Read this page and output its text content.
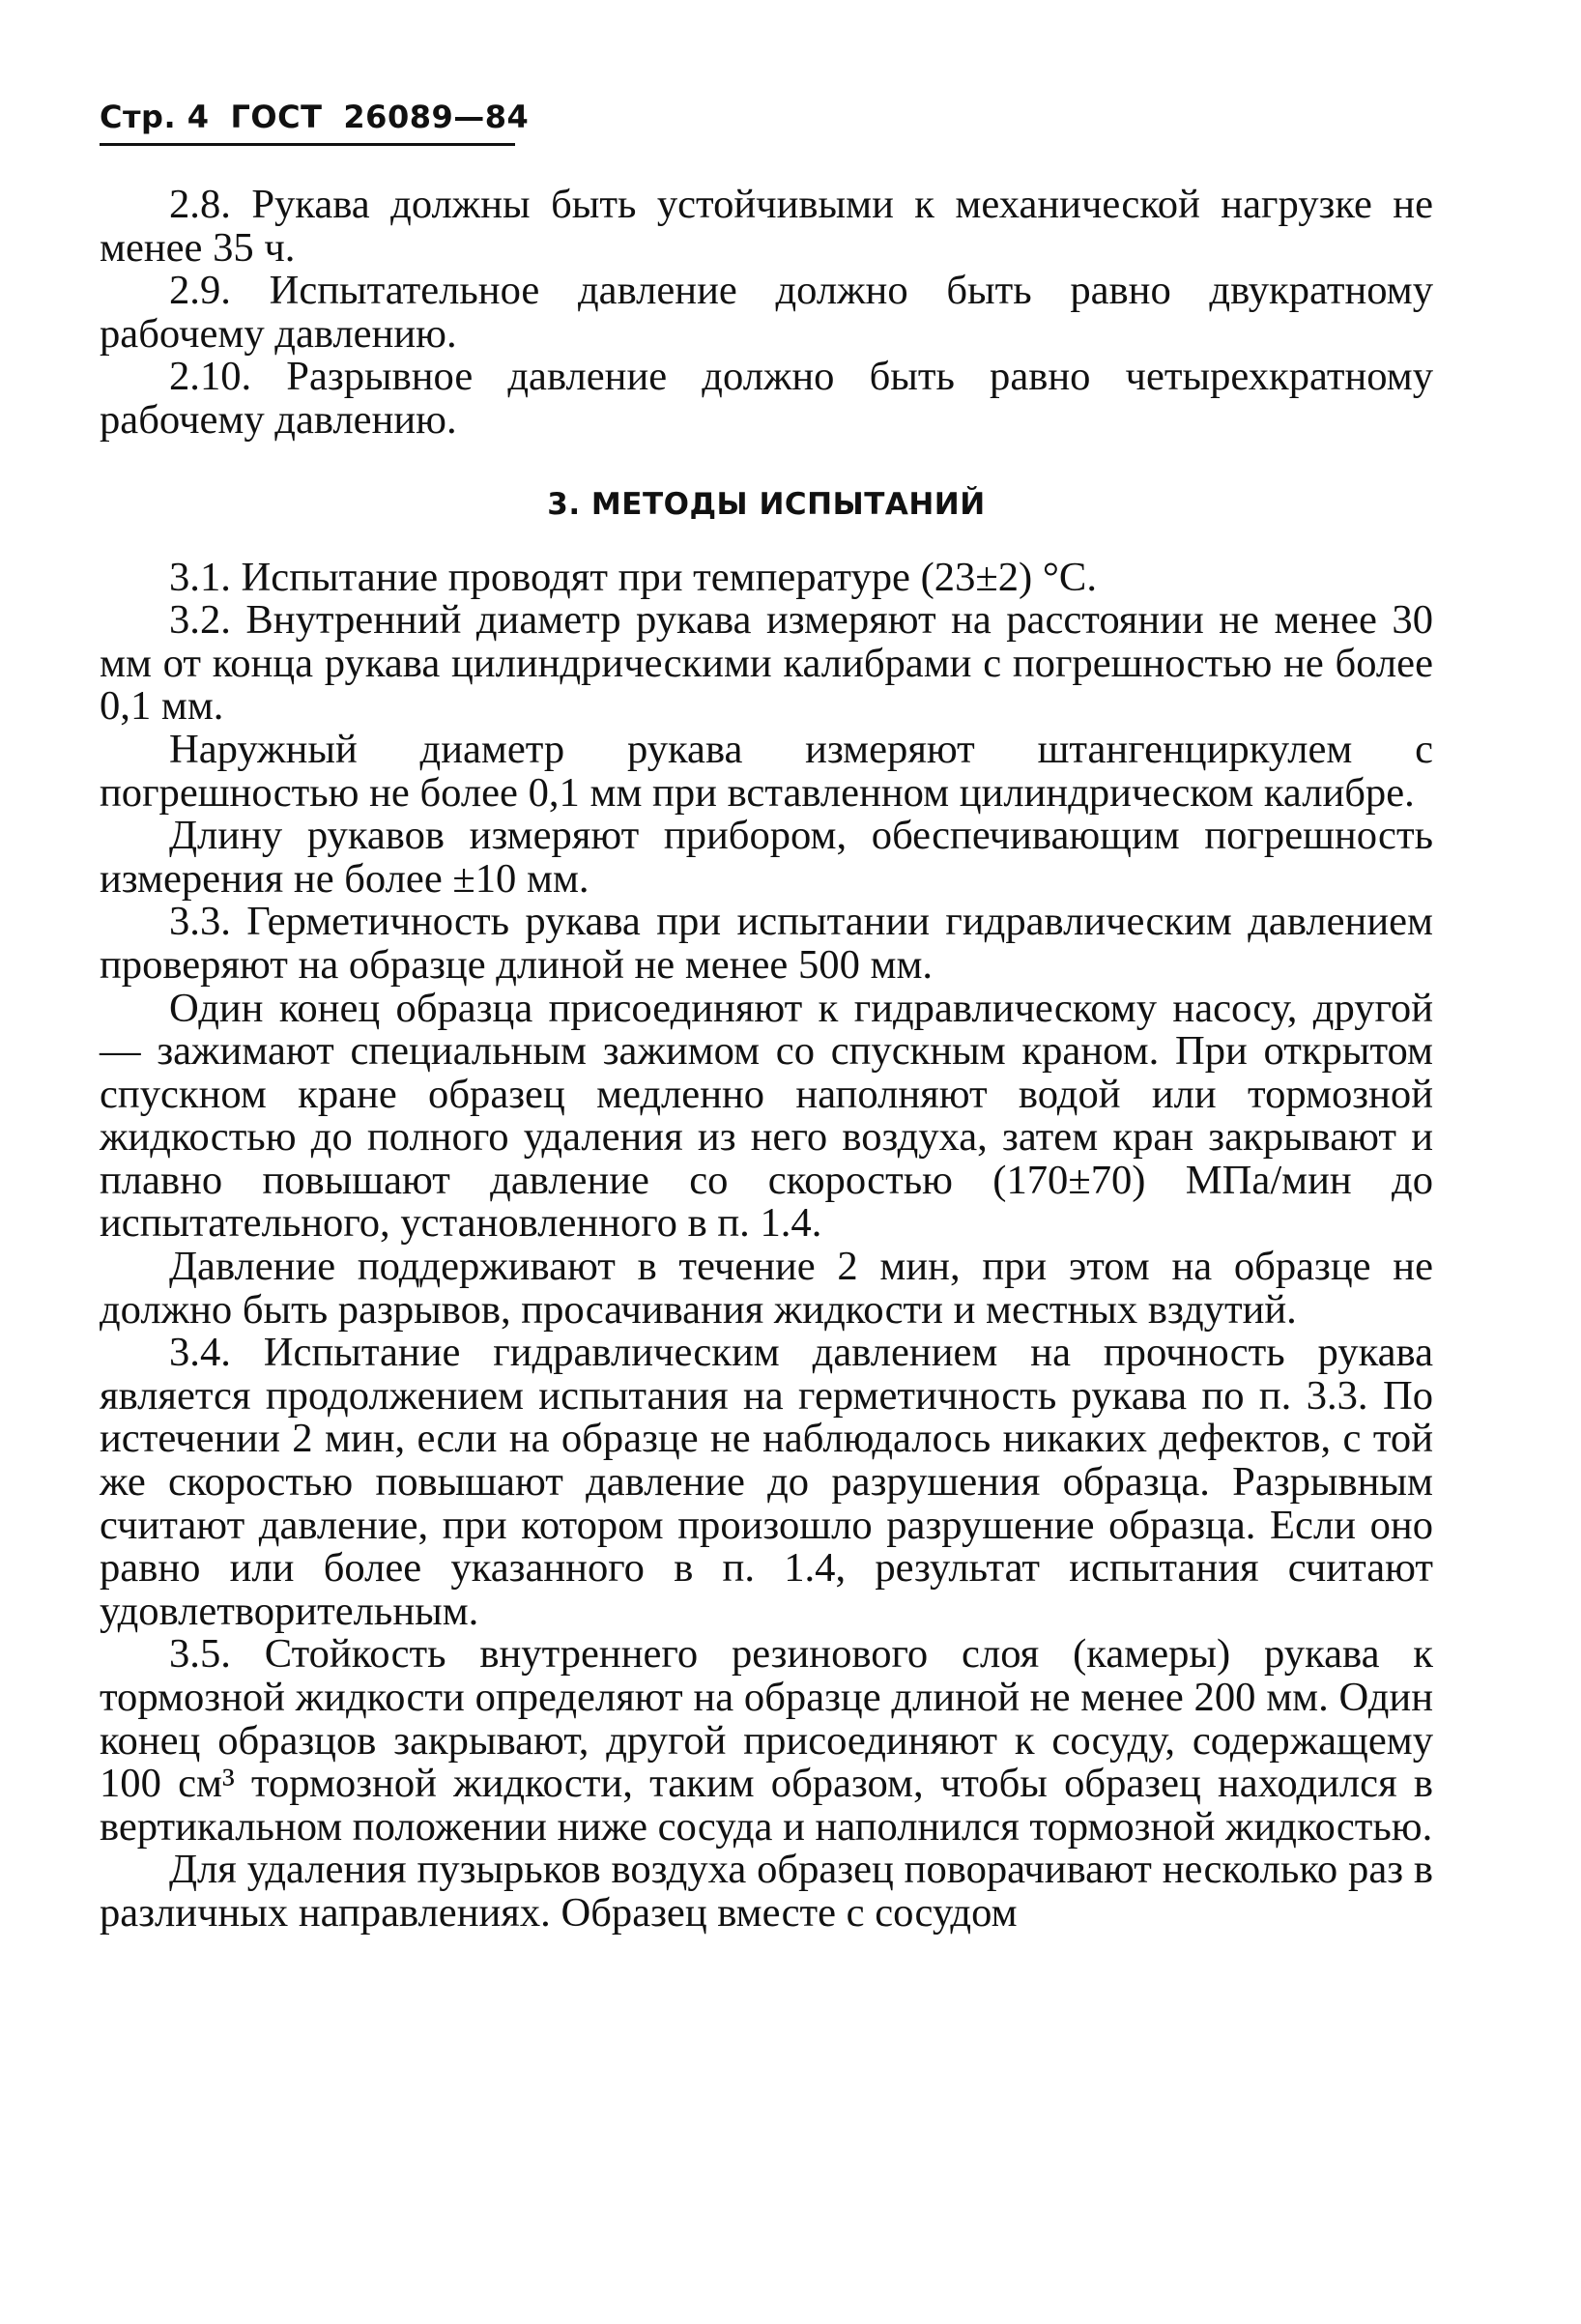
Стр. 4 ГОСТ 26089—84

2.8. Рукава должны быть устойчивыми к механической нагрузке не менее 35 ч.

2.9. Испытательное давление должно быть равно двукратному рабочему давлению.

2.10. Разрывное давление должно быть равно четырехкратному рабочему давлению.

3. МЕТОДЫ ИСПЫТАНИЙ

3.1. Испытание проводят при температуре (23±2) °С.

3.2. Внутренний диаметр рукава измеряют на расстоянии не менее 30 мм от конца рукава цилиндрическими калибрами с погрешностью не более 0,1 мм.

Наружный диаметр рукава измеряют штангенциркулем с погрешностью не более 0,1 мм при вставленном цилиндрическом калибре.

Длину рукавов измеряют прибором, обеспечивающим погрешность измерения не более ±10 мм.

3.3. Герметичность рукава при испытании гидравлическим давлением проверяют на образце длиной не менее 500 мм.

Один конец образца присоединяют к гидравлическому насосу, другой — зажимают специальным зажимом со спускным краном. При открытом спускном кране образец медленно наполняют водой или тормозной жидкостью до полного удаления из него воздуха, затем кран закрывают и плавно повышают давление со скоростью (170±70) МПа/мин до испытательного, установленного в п. 1.4.

Давление поддерживают в течение 2 мин, при этом на образце не должно быть разрывов, просачивания жидкости и местных вздутий.

3.4. Испытание гидравлическим давлением на прочность рукава является продолжением испытания на герметичность рукава по п. 3.3. По истечении 2 мин, если на образце не наблюдалось никаких дефектов, с той же скоростью повышают давление до разрушения образца. Разрывным считают давление, при котором произошло разрушение образца. Если оно равно или более указанного в п. 1.4, результат испытания считают удовлетворительным.

3.5. Стойкость внутреннего резинового слоя (камеры) рукава к тормозной жидкости определяют на образце длиной не менее 200 мм. Один конец образцов закрывают, другой присоединяют к сосуду, содержащему 100 см³ тормозной жидкости, таким образом, чтобы образец находился в вертикальном положении ниже сосуда и наполнился тормозной жидкостью.

Для удаления пузырьков воздуха образец поворачивают несколько раз в различных направлениях. Образец вместе с сосудом
